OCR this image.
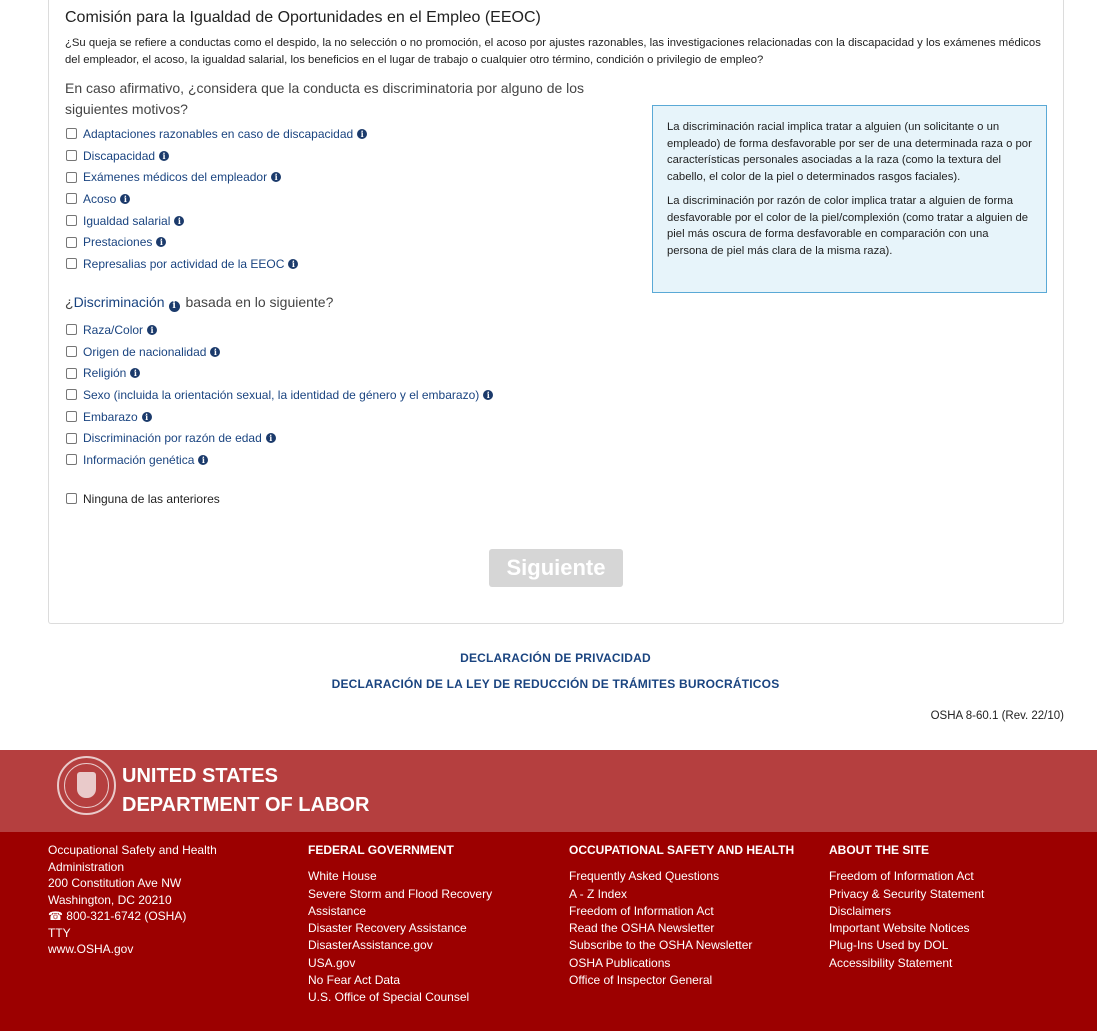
Comisión para la Igualdad de Oportunidades en el Empleo (EEOC)

¿Su queja se refiere a conductas como el despido, la no selección o no promoción, el acoso por ajustes razonables, las investigaciones relacionadas con la discapacidad y los exámenes médicos del empleador, el acoso, la igualdad salarial, los beneficios en el lugar de trabajo o cualquier otro término, condición o privilegio de empleo?

En caso afirmativo, ¿considera que la conducta es discriminatoria por alguno de los siguientes motivos?

Adaptaciones razonables en caso de discapacidad i
Discapacidad i
Exámenes médicos del empleador i
Acoso i
Igualdad salarial i
Prestaciones i
Represalias por actividad de la EEOC i

¿Discriminación i basada en lo siguiente?

Raza/Color i
Origen de nacionalidad i
Religión i
Sexo (incluida la orientación sexual, la identidad de género y el embarazo) i
Embarazo i
Discriminación por razón de edad i
Información genética i
Ninguna de las anteriores

La discriminación racial implica tratar a alguien (un solicitante o un empleado) de forma desfavorable por ser de una determinada raza o por características personales asociadas a la raza (como la textura del cabello, el color de la piel o determinados rasgos faciales).

La discriminación por razón de color implica tratar a alguien de forma desfavorable por el color de la piel/complexión (como tratar a alguien de piel más oscura de forma desfavorable en comparación con una persona de piel más clara de la misma raza).

Siguiente
DECLARACIÓN DE PRIVACIDAD
DECLARACIÓN DE LA LEY DE REDUCCIÓN DE TRÁMITES BUROCRÁTICOS
OSHA 8-60.1 (Rev. 22/10)
UNITED STATES
DEPARTMENT OF LABOR
Occupational Safety and Health Administration
200 Constitution Ave NW
Washington, DC 20210
☎ 800-321-6742 (OSHA)
TTY
www.OSHA.gov
FEDERAL GOVERNMENT
White House
Severe Storm and Flood Recovery Assistance
Disaster Recovery Assistance
DisasterAssistance.gov
USA.gov
No Fear Act Data
U.S. Office of Special Counsel
OCCUPATIONAL SAFETY AND HEALTH
Frequently Asked Questions
A - Z Index
Freedom of Information Act
Read the OSHA Newsletter
Subscribe to the OSHA Newsletter
OSHA Publications
Office of Inspector General
ABOUT THE SITE
Freedom of Information Act
Privacy & Security Statement
Disclaimers
Important Website Notices
Plug-Ins Used by DOL
Accessibility Statement
